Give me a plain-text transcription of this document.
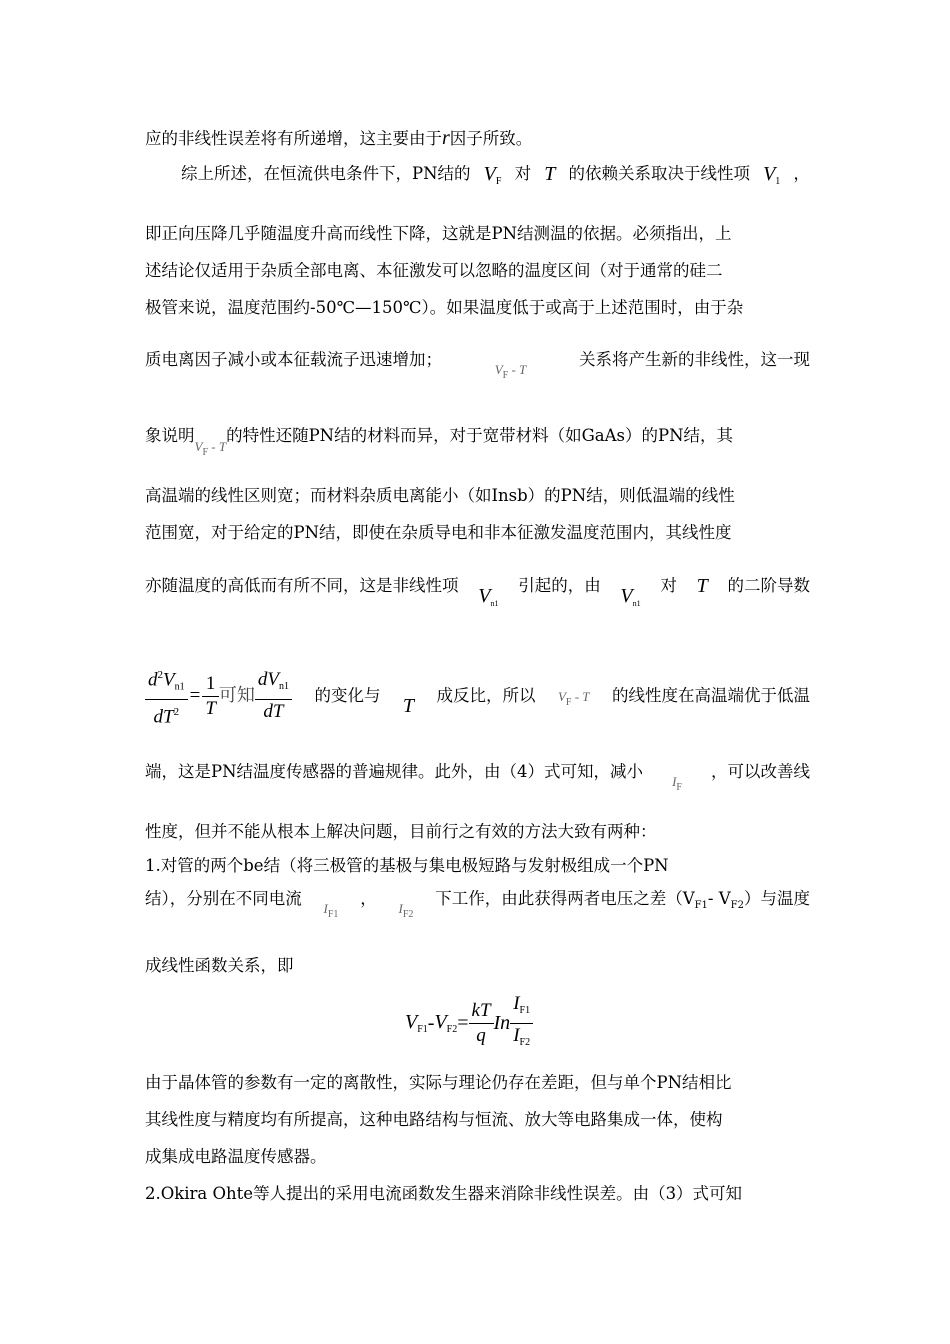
应的非线性误差将有所递增，这主要由于r因子所致。
综上所述，在恒流供电条件下，PN结的 $V_F$ 对 T 的依赖关系取决于线性项 $V_1$ ，
即正向压降几乎随温度升高而线性下降，这就是PN结测温的依据。必须指出，上
述结论仅适用于杂质全部电离、本征激发可以忽略的温度区间（对于通常的硅二
极管来说，温度范围约-50℃—150℃）。如果温度低于或高于上述范围时，由于杂
质电离因子减小或本征载流子迅速增加；
$V_F$ - T
关系将产生新的非线性，这一现
象说明$_{V_F - T}$的特性还随PN结的材料而异，对于宽带材料（如GaAs）的PN结，其
高温端的线性区则宽；而材料杂质电离能小（如Insb）的PN结，则低温端的线性
范围宽，对于给定的PN结，即使在杂质导电和非本征激发温度范围内，其线性度
亦随温度的高低而有所不同，这是非线性项 $V_{n1}$
引起的，由 $V_{n1}$
对 T 的二阶导数
$\frac{d^2V_{n1}}{dT^2} = \frac{1}{T}$ 可知 $\frac{dV_{n1}}{dT}$ 的变化与 T 成反比，所以 $V_F$ - T 的线性度在高温端优于低温
端，这是PN结温度传感器的普遍规律。此外，由（4）式可知，减小
$I_F$
，可以改善线
性度，但并不能从根本上解决问题，目前行之有效的方法大致有两种：
1.对管的两个be结（将三极管的基极与集电极短路与发射极组成一个PN
结），分别在不同电流
$I_{F1}$
，
$I_{F2}$
下工作，由此获得两者电压之差（$V_{F1}-$ $V_{F2}$）与温度
成线性函数关系，即
$V_{F1} - V_{F2} = \frac{kT}{q}$ In $\frac{I_{F1}}{I_{F2}}$
由于晶体管的参数有一定的离散性，实际与理论仍存在差距，但与单个PN结相比
其线性度与精度均有所提高，这种电路结构与恒流、放大等电路集成一体，使构
成集成电路温度传感器。
2.Okira Ohte等人提出的采用电流函数发生器来消除非线性误差。由（3）式可知
